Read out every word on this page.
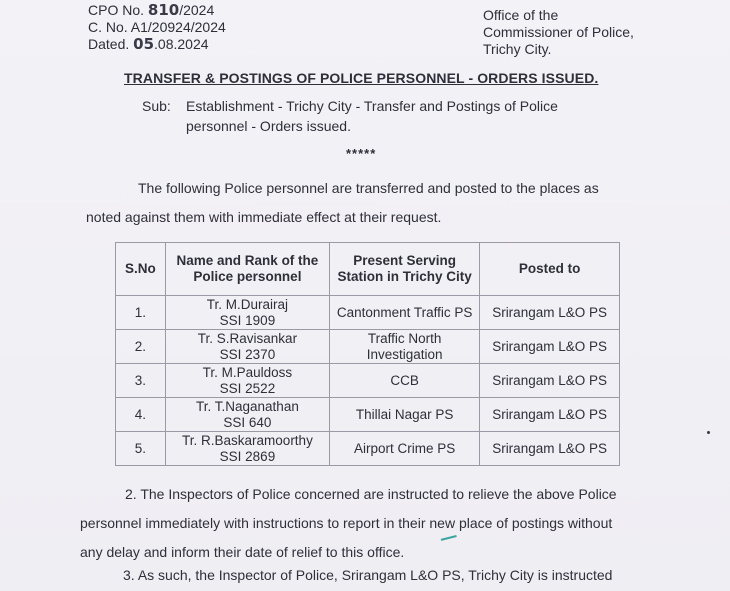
CPO No. 810/2024
C. No. A1/20924/2024
Dated. 05.08.2024
Office of the
Commissioner of Police,
Trichy City.
TRANSFER & POSTINGS OF POLICE PERSONNEL - ORDERS ISSUED.
Sub: Establishment - Trichy City - Transfer and Postings of Police
personnel - Orders issued.
*****
The following Police personnel are transferred and posted to the places as
noted against them with immediate effect at their request.
S.No	Name and Rank of the Police personnel	Present Serving Station in Trichy City	Posted to
1.	Tr. M.Durairaj
SSI 1909	Cantonment Traffic PS	Srirangam L&O PS
2.	Tr. S.Ravisankar
SSI 2370	Traffic North Investigation	Srirangam L&O PS
3.	Tr. M.Pauldoss
SSI 2522	CCB	Srirangam L&O PS
4.	Tr. T.Naganathan
SSI 640	Thillai Nagar PS	Srirangam L&O PS
5.	Tr. R.Baskaramoorthy
SSI 2869	Airport Crime PS	Srirangam L&O PS
2. The Inspectors of Police concerned are instructed to relieve the above Police
personnel immediately with instructions to report in their new place of postings without
any delay and inform their date of relief to this office.
3. As such, the Inspector of Police, Srirangam L&O PS, Trichy City is instructed
